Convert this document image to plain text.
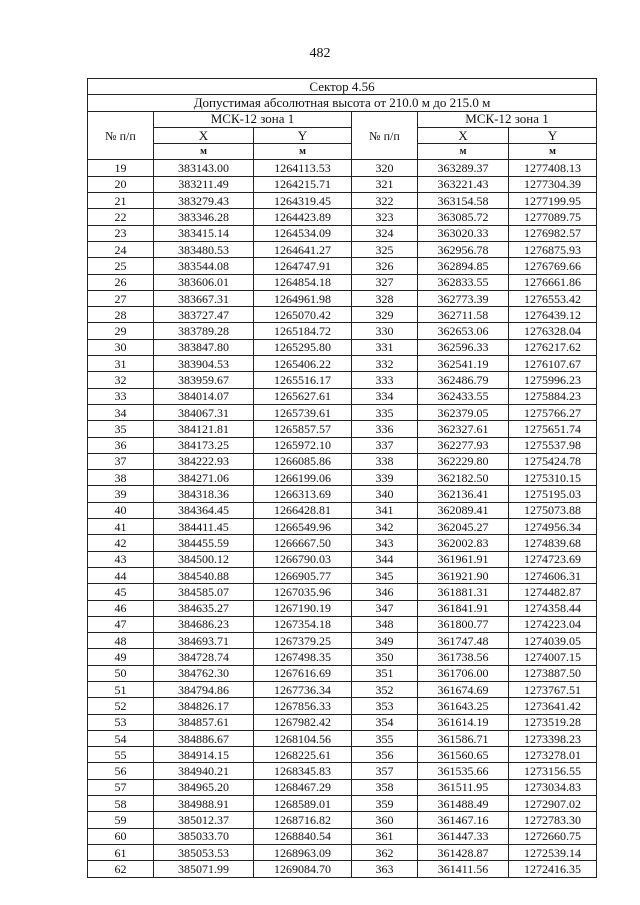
482
Сектор 4.56					
Допустимая абсолютная высота от 210.0 м до 215.0 м					
№ п/п	МСК-12 зона 1		№ п/п	МСК-12 зона 1	
	X	Y		X	Y
	м	м		м	м
19	383143.00	1264113.53	320	363289.37	1277408.13
20	383211.49	1264215.71	321	363221.43	1277304.39
21	383279.43	1264319.45	322	363154.58	1277199.95
22	383346.28	1264423.89	323	363085.72	1277089.75
23	383415.14	1264534.09	324	363020.33	1276982.57
24	383480.53	1264641.27	325	362956.78	1276875.93
25	383544.08	1264747.91	326	362894.85	1276769.66
26	383606.01	1264854.18	327	362833.55	1276661.86
27	383667.31	1264961.98	328	362773.39	1276553.42
28	383727.47	1265070.42	329	362711.58	1276439.12
29	383789.28	1265184.72	330	362653.06	1276328.04
30	383847.80	1265295.80	331	362596.33	1276217.62
31	383904.53	1265406.22	332	362541.19	1276107.67
32	383959.67	1265516.17	333	362486.79	1275996.23
33	384014.07	1265627.61	334	362433.55	1275884.23
34	384067.31	1265739.61	335	362379.05	1275766.27
35	384121.81	1265857.57	336	362327.61	1275651.74
36	384173.25	1265972.10	337	362277.93	1275537.98
37	384222.93	1266085.86	338	362229.80	1275424.78
38	384271.06	1266199.06	339	362182.50	1275310.15
39	384318.36	1266313.69	340	362136.41	1275195.03
40	384364.45	1266428.81	341	362089.41	1275073.88
41	384411.45	1266549.96	342	362045.27	1274956.34
42	384455.59	1266667.50	343	362002.83	1274839.68
43	384500.12	1266790.03	344	361961.91	1274723.69
44	384540.88	1266905.77	345	361921.90	1274606.31
45	384585.07	1267035.96	346	361881.31	1274482.87
46	384635.27	1267190.19	347	361841.91	1274358.44
47	384686.23	1267354.18	348	361800.77	1274223.04
48	384693.71	1267379.25	349	361747.48	1274039.05
49	384728.74	1267498.35	350	361738.56	1274007.15
50	384762.30	1267616.69	351	361706.00	1273887.50
51	384794.86	1267736.34	352	361674.69	1273767.51
52	384826.17	1267856.33	353	361643.25	1273641.42
53	384857.61	1267982.42	354	361614.19	1273519.28
54	384886.67	1268104.56	355	361586.71	1273398.23
55	384914.15	1268225.61	356	361560.65	1273278.01
56	384940.21	1268345.83	357	361535.66	1273156.55
57	384965.20	1268467.29	358	361511.95	1273034.83
58	384988.91	1268589.01	359	361488.49	1272907.02
59	385012.37	1268716.82	360	361467.16	1272783.30
60	385033.70	1268840.54	361	361447.33	1272660.75
61	385053.53	1268963.09	362	361428.87	1272539.14
62	385071.99	1269084.70	363	361411.56	1272416.35
